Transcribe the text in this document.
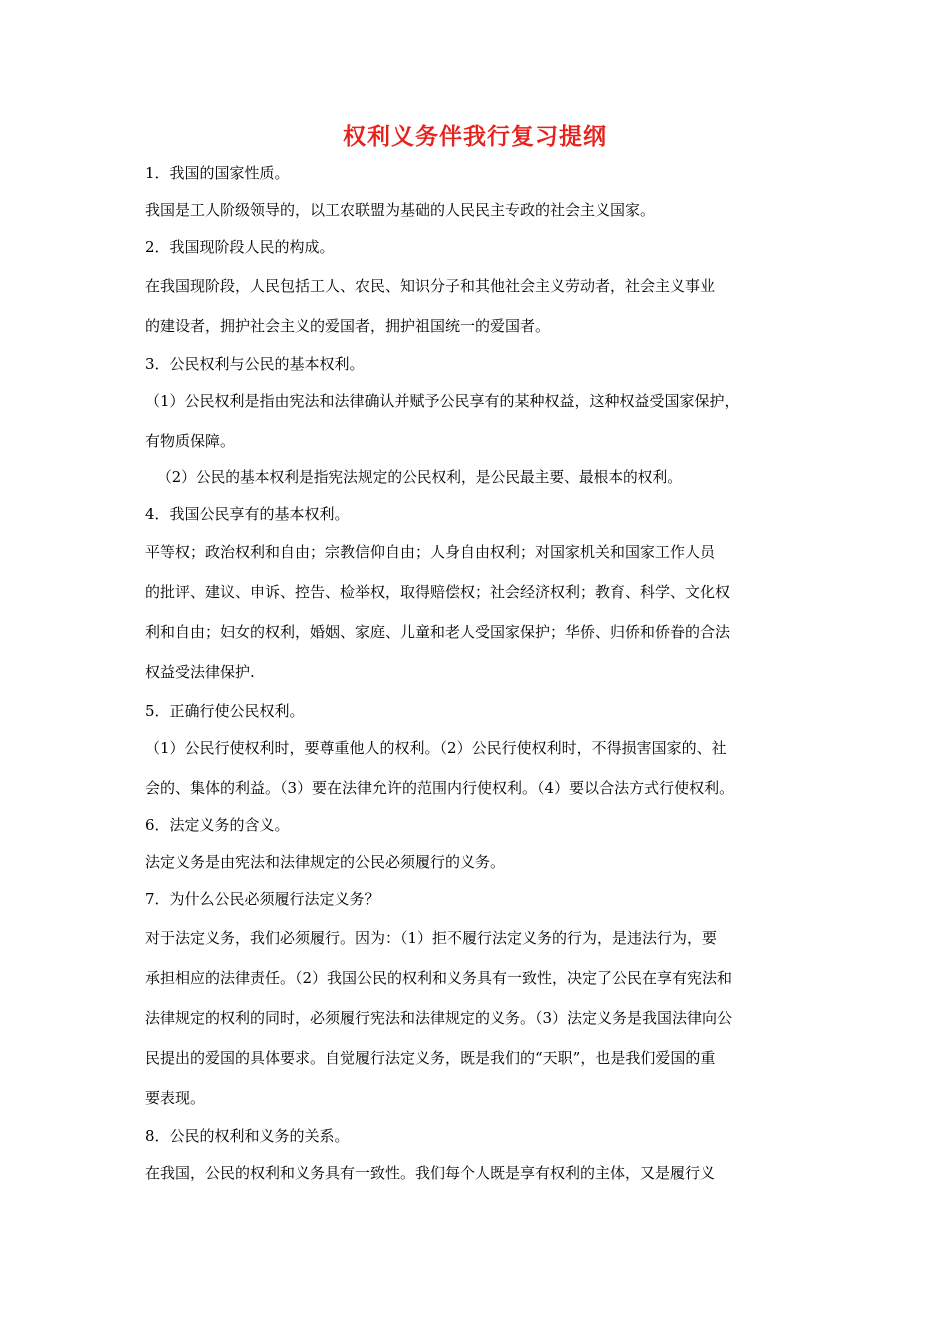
权利义务伴我行复习提纲
1．我国的国家性质。
我国是工人阶级领导的，以工农联盟为基础的人民民主专政的社会主义国家。
2．我国现阶段人民的构成。
在我国现阶段，人民包括工人、农民、知识分子和其他社会主义劳动者，社会主义事业
的建设者，拥护社会主义的爱国者，拥护祖国统一的爱国者。
3．公民权利与公民的基本权利。
（1）公民权利是指由宪法和法律确认并赋予公民享有的某种权益，这种权益受国家保护，
有物质保障。
（2）公民的基本权利是指宪法规定的公民权利，是公民最主要、最根本的权利。
4．我国公民享有的基本权利。
平等权；政治权利和自由；宗教信仰自由；人身自由权利；对国家机关和国家工作人员
的批评、建议、申诉、控告、检举权，取得赔偿权；社会经济权利；教育、科学、文化权
利和自由；妇女的权利，婚姻、家庭、儿童和老人受国家保护；华侨、归侨和侨眷的合法
权益受法律保护.
5．正确行使公民权利。
（1）公民行使权利时，要尊重他人的权利。（2）公民行使权利时，不得损害国家的、社
会的、集体的利益。（3）要在法律允许的范围内行使权利。（4）要以合法方式行使权利。
6．法定义务的含义。
法定义务是由宪法和法律规定的公民必须履行的义务。
7．为什么公民必须履行法定义务？
对于法定义务，我们必须履行。因为：（1）拒不履行法定义务的行为，是违法行为，要
承担相应的法律责任。（2）我国公民的权利和义务具有一致性，决定了公民在享有宪法和
法律规定的权利的同时，必须履行宪法和法律规定的义务。（3）法定义务是我国法律向公
民提出的爱国的具体要求。自觉履行法定义务，既是我们的“天职”，也是我们爱国的重
要表现。
8．公民的权利和义务的关系。
在我国，公民的权利和义务具有一致性。我们每个人既是享有权利的主体，又是履行义
